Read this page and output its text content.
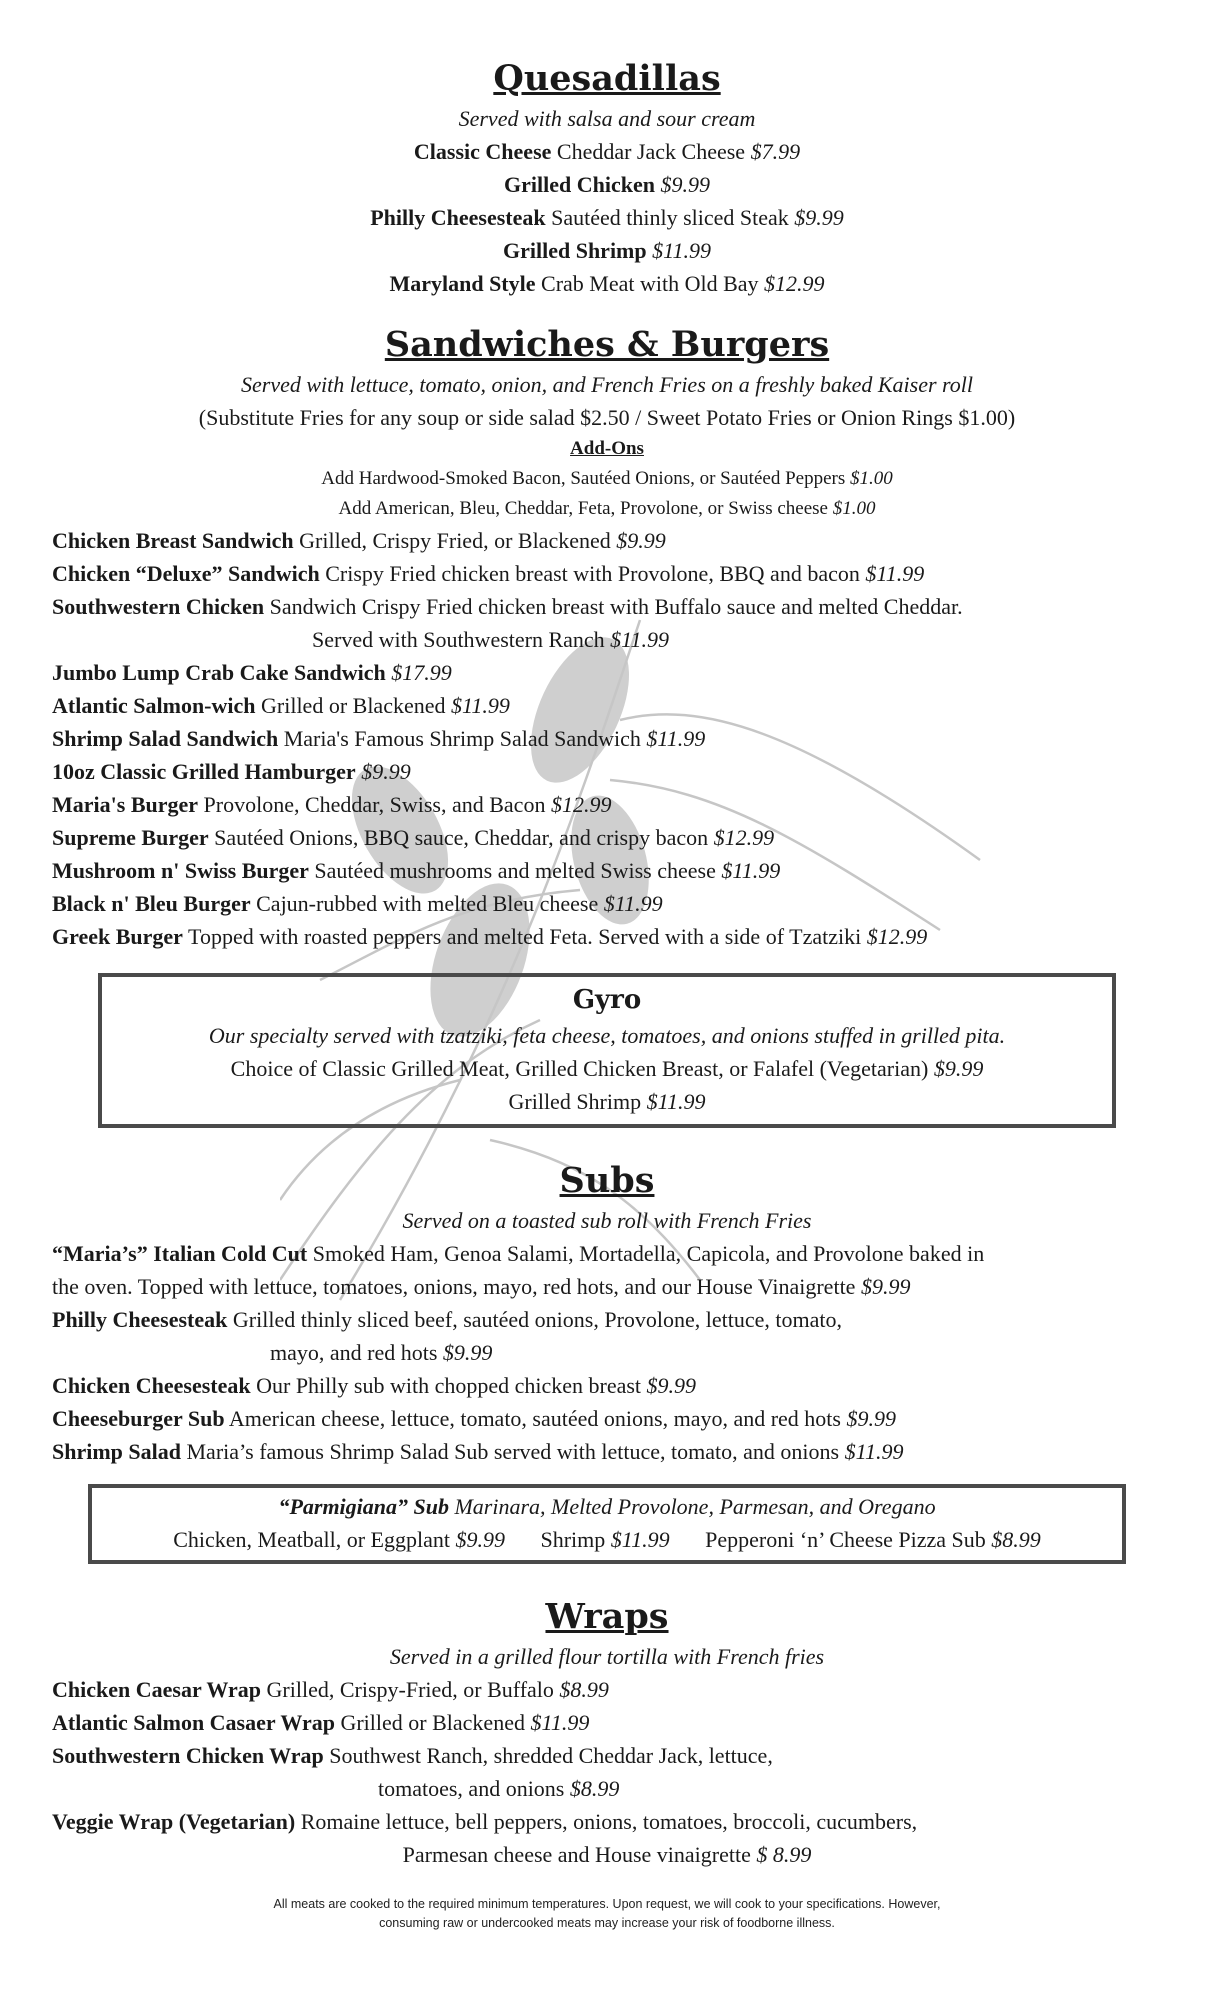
Quesadillas
Served with salsa and sour cream
Classic Cheese Cheddar Jack Cheese $7.99
Grilled Chicken $9.99
Philly Cheesesteak Sautéed thinly sliced Steak $9.99
Grilled Shrimp $11.99
Maryland Style Crab Meat with Old Bay $12.99
Sandwiches & Burgers
Served with lettuce, tomato, onion, and French Fries on a freshly baked Kaiser roll
(Substitute Fries for any soup or side salad $2.50 / Sweet Potato Fries or Onion Rings $1.00)
Add-Ons
Add Hardwood-Smoked Bacon, Sautéed Onions, or Sautéed Peppers $1.00
Add American, Bleu, Cheddar, Feta, Provolone, or Swiss cheese $1.00
Chicken Breast Sandwich Grilled, Crispy Fried, or Blackened $9.99
Chicken “Deluxe” Sandwich Crispy Fried chicken breast with Provolone, BBQ and bacon $11.99
Southwestern Chicken Sandwich Crispy Fried chicken breast with Buffalo sauce and melted Cheddar.
Served with Southwestern Ranch $11.99
Jumbo Lump Crab Cake Sandwich $17.99
Atlantic Salmon-wich Grilled or Blackened $11.99
Shrimp Salad Sandwich Maria's Famous Shrimp Salad Sandwich $11.99
10oz Classic Grilled Hamburger $9.99
Maria's Burger Provolone, Cheddar, Swiss, and Bacon $12.99
Supreme Burger Sautéed Onions, BBQ sauce, Cheddar, and crispy bacon $12.99
Mushroom n' Swiss Burger Sautéed mushrooms and melted Swiss cheese $11.99
Black n' Bleu Burger Cajun-rubbed with melted Bleu cheese $11.99
Greek Burger Topped with roasted peppers and melted Feta. Served with a side of Tzatziki $12.99
Gyro
Our specialty served with tzatziki, feta cheese, tomatoes, and onions stuffed in grilled pita.
Choice of Classic Grilled Meat, Grilled Chicken Breast, or Falafel (Vegetarian) $9.99
Grilled Shrimp $11.99
Subs
Served on a toasted sub roll with French Fries
“Maria’s” Italian Cold Cut Smoked Ham, Genoa Salami, Mortadella, Capicola, and Provolone baked in
the oven. Topped with lettuce, tomatoes, onions, mayo, red hots, and our House Vinaigrette $9.99
Philly Cheesesteak Grilled thinly sliced beef, sautéed onions, Provolone, lettuce, tomato,
mayo, and red hots $9.99
Chicken Cheesesteak Our Philly sub with chopped chicken breast $9.99
Cheeseburger Sub American cheese, lettuce, tomato, sautéed onions, mayo, and red hots $9.99
Shrimp Salad Maria’s famous Shrimp Salad Sub served with lettuce, tomato, and onions $11.99
“Parmigiana” Sub Marinara, Melted Provolone, Parmesan, and Oregano
Chicken, Meatball, or Eggplant $9.99 Shrimp $11.99 Pepperoni ‘n’ Cheese Pizza Sub $8.99
Wraps
Served in a grilled flour tortilla with French fries
Chicken Caesar Wrap Grilled, Crispy-Fried, or Buffalo $8.99
Atlantic Salmon Casaer Wrap Grilled or Blackened $11.99
Southwestern Chicken Wrap Southwest Ranch, shredded Cheddar Jack, lettuce,
tomatoes, and onions $8.99
Veggie Wrap (Vegetarian) Romaine lettuce, bell peppers, onions, tomatoes, broccoli, cucumbers,
Parmesan cheese and House vinaigrette $ 8.99
All meats are cooked to the required minimum temperatures. Upon request, we will cook to your specifications. However,
consuming raw or undercooked meats may increase your risk of foodborne illness.
